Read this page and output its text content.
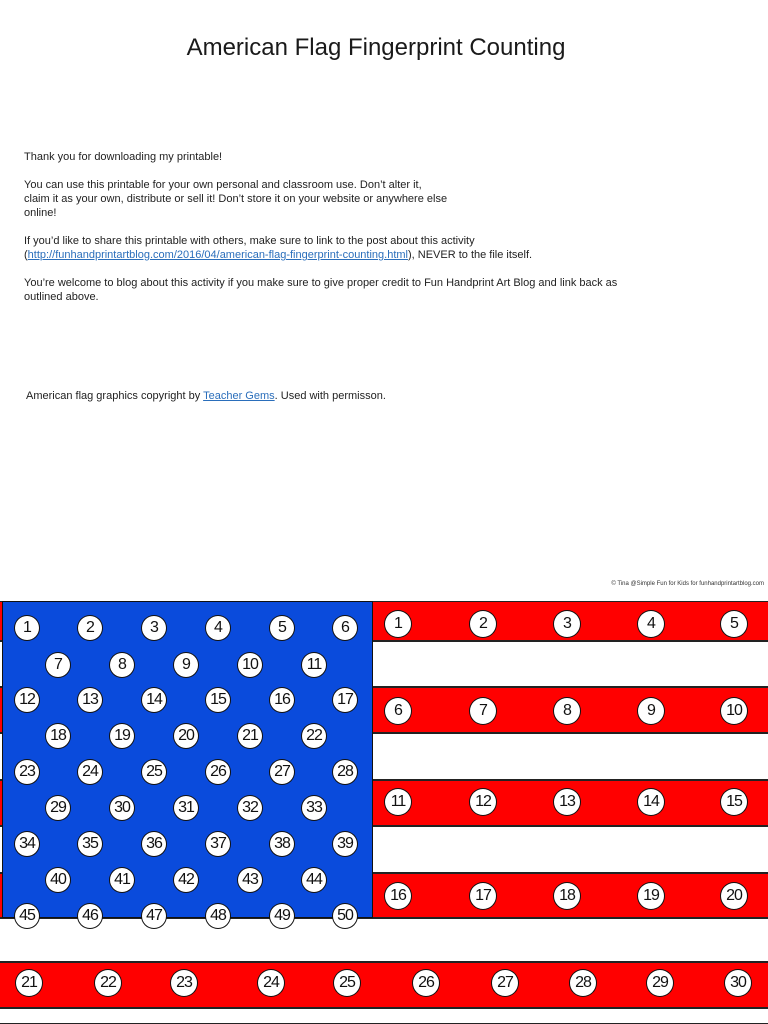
American Flag Fingerprint Counting

Thank you for downloading my printable!

You can use this printable for your own personal and classroom use. Don’t alter it,
claim it as your own, distribute or sell it! Don’t store it on your website or anywhere else
online!

If you’d like to share this printable with others, make sure to link to the post about this activity
(http://funhandprintartblog.com/2016/04/american-flag-fingerprint-counting.html), NEVER to the file itself.

You’re welcome to blog about this activity if you make sure to give proper credit to Fun Handprint Art Blog and link back as
outlined above.

American flag graphics copyright by Teacher Gems. Used with permisson.
© Tina @Simple Fun for Kids for funhandprintartblog.com
1	2	3	4	5	6
7	8	9	10	11
12	13	14	15	16	17
18	19	20	21	22
23	24	25	26	27	28
29	30	31	32	33
34	35	36	37	38	39
40	41	42	43	44
45	46	47	48	49	50
1	2	3	4	5
6	7	8	9	10
11	12	13	14	15
16	17	18	19	20
21	22	23	24	25	26	27	28	29	30
